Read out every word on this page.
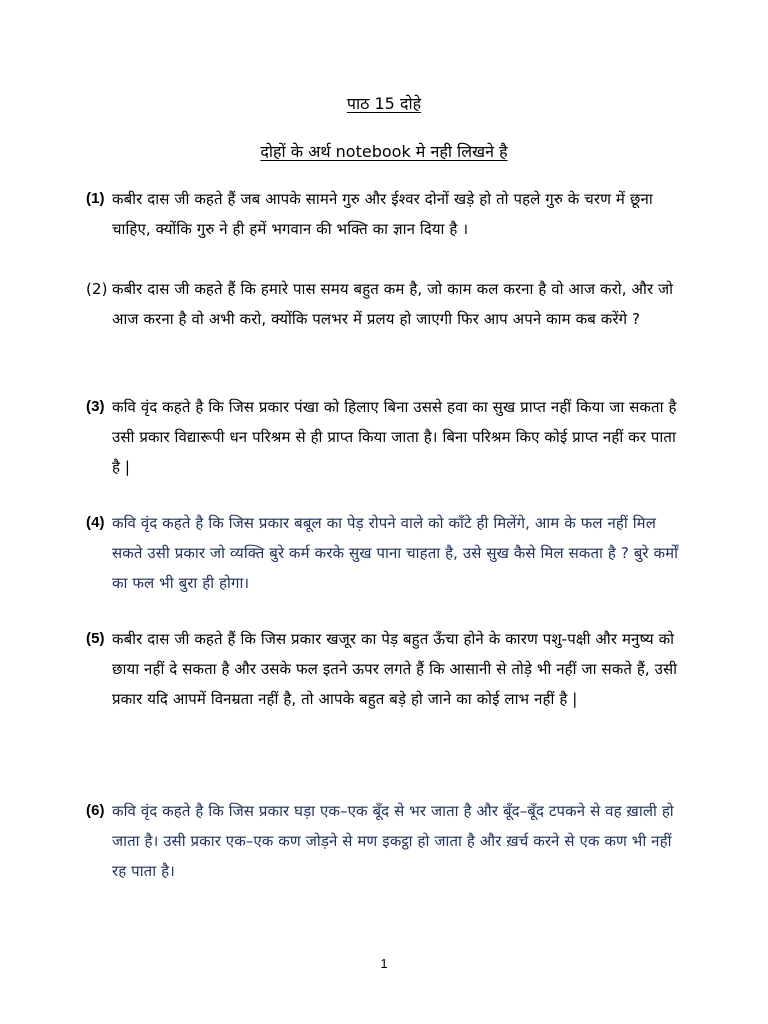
पाठ 15 दोहे
दोहों के अर्थ notebook मे नही लिखने है
(1) कबीर दास जी कहते हैं जब आपके सामने गुरु और ईश्वर दोनों खड़े हो तो पहले गुरु के चरण में छूना चाहिए, क्योंकि गुरु ने ही हमें भगवान की भक्ति का ज्ञान दिया है ।
(2) कबीर दास जी कहते हैं कि हमारे पास समय बहुत कम है, जो काम कल करना है वो आज करो, और जो आज करना है वो अभी करो, क्योंकि पलभर में प्रलय हो जाएगी फिर आप अपने काम कब करेंगे ?
(3) कवि वृंद कहते है कि जिस प्रकार पंखा को हिलाए बिना उससे हवा का सुख प्राप्त नहीं किया जा सकता है उसी प्रकार विद्यारूपी धन परिश्रम से ही प्राप्त किया जाता है। बिना परिश्रम किए कोई प्राप्त नहीं कर पाता है |
(4) कवि वृंद कहते है कि जिस प्रकार बबूल का पेड़ रोपने वाले को काँटे ही मिलेंगे, आम के फल नहीं मिल सकते उसी प्रकार जो व्यक्ति बुरे कर्म करके सुख पाना चाहता है, उसे सुख कैसे मिल सकता है ? बुरे कर्मों का फल भी बुरा ही होगा।
(5) कबीर दास जी कहते हैं कि जिस प्रकार खजूर का पेड़ बहुत ऊँचा होने के कारण पशु-पक्षी और मनुष्य को छाया नहीं दे सकता है और उसके फल इतने ऊपर लगते हैं कि आसानी से तोड़े भी नहीं जा सकते हैं, उसी प्रकार यदि आपमें विनम्रता नहीं है, तो आपके बहुत बड़े हो जाने का कोई लाभ नहीं है |
(6) कवि वृंद कहते है कि जिस प्रकार घड़ा एक–एक बूँद से भर जाता है और बूँद–बूँद टपकने से वह ख़ाली हो जाता है। उसी प्रकार एक–एक कण जोड़ने से मण इकट्ठा हो जाता है और ख़र्च करने से एक कण भी नहीं रह पाता है।
1
